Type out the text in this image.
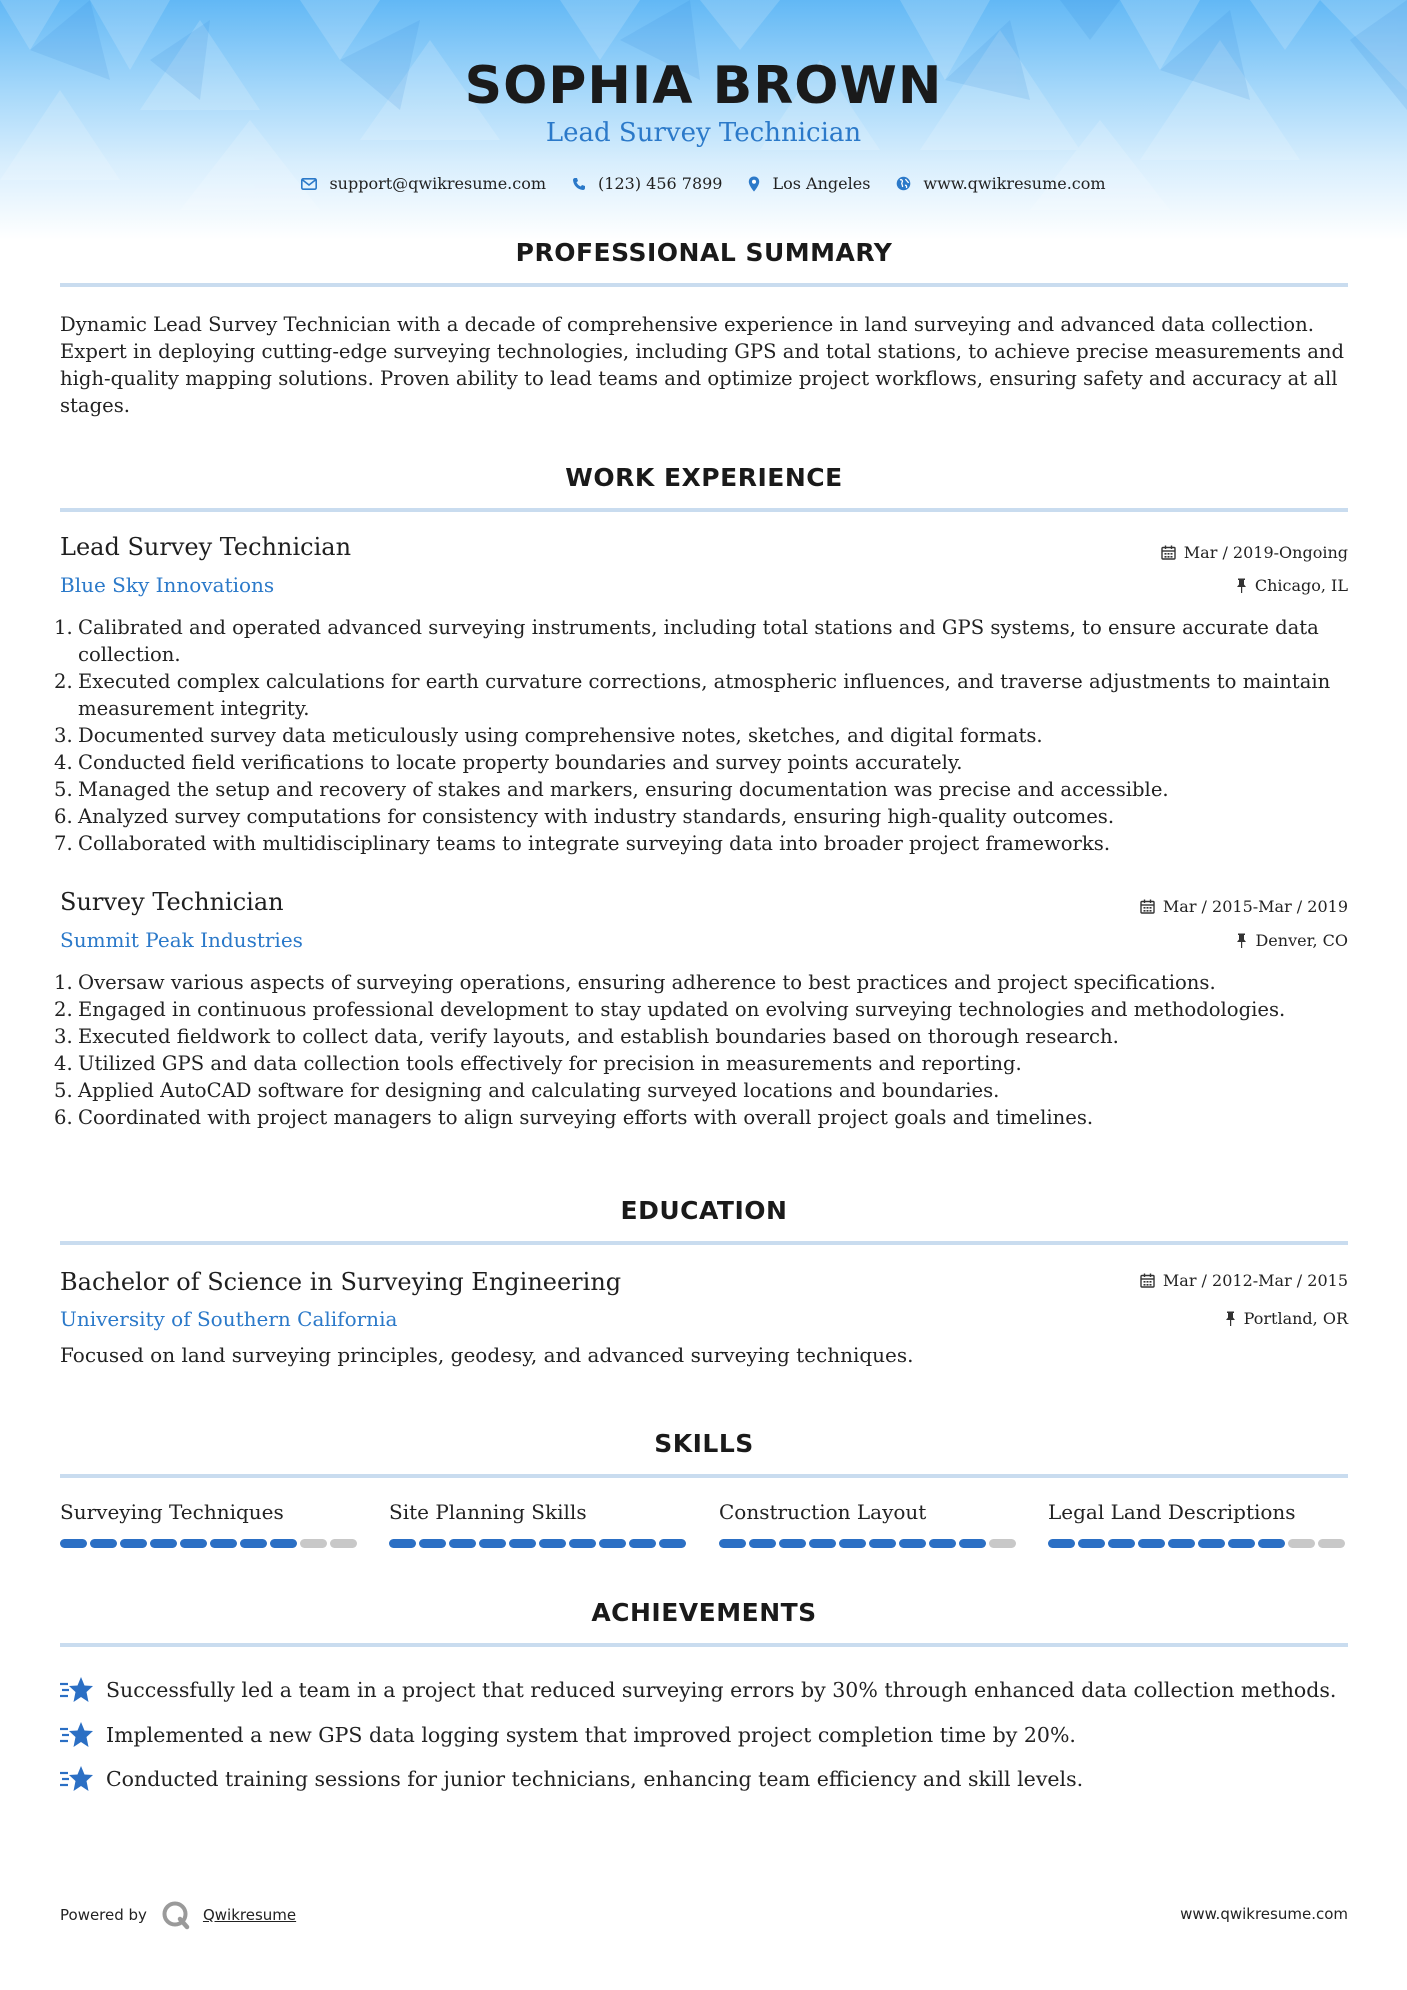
SOPHIA BROWN
Lead Survey Technician
support@qwikresume.com	(123) 456 7899	Los Angeles	www.qwikresume.com
PROFESSIONAL SUMMARY

Dynamic Lead Survey Technician with a decade of comprehensive experience in land surveying and advanced data collection. Expert in deploying cutting-edge surveying technologies, including GPS and total stations, to achieve precise measurements and high-quality mapping solutions. Proven ability to lead teams and optimize project workflows, ensuring safety and accuracy at all stages.

WORK EXPERIENCE
Lead Survey Technician	Mar / 2019-Ongoing
Blue Sky Innovations	Chicago, IL
1. Calibrated and operated advanced surveying instruments, including total stations and GPS systems, to ensure accurate data collection.
2. Executed complex calculations for earth curvature corrections, atmospheric influences, and traverse adjustments to maintain measurement integrity.
3. Documented survey data meticulously using comprehensive notes, sketches, and digital formats.
4. Conducted field verifications to locate property boundaries and survey points accurately.
5. Managed the setup and recovery of stakes and markers, ensuring documentation was precise and accessible.
6. Analyzed survey computations for consistency with industry standards, ensuring high-quality outcomes.
7. Collaborated with multidisciplinary teams to integrate surveying data into broader project frameworks.
Survey Technician	Mar / 2015-Mar / 2019
Summit Peak Industries	Denver, CO
1. Oversaw various aspects of surveying operations, ensuring adherence to best practices and project specifications.
2. Engaged in continuous professional development to stay updated on evolving surveying technologies and methodologies.
3. Executed fieldwork to collect data, verify layouts, and establish boundaries based on thorough research.
4. Utilized GPS and data collection tools effectively for precision in measurements and reporting.
5. Applied AutoCAD software for designing and calculating surveyed locations and boundaries.
6. Coordinated with project managers to align surveying efforts with overall project goals and timelines.
EDUCATION
Bachelor of Science in Surveying Engineering	Mar / 2012-Mar / 2015
University of Southern California	Portland, OR
Focused on land surveying principles, geodesy, and advanced surveying techniques.
SKILLS
Surveying Techniques	Site Planning Skills	Construction Layout	Legal Land Descriptions
ACHIEVEMENTS
Successfully led a team in a project that reduced surveying errors by 30% through enhanced data collection methods.
Implemented a new GPS data logging system that improved project completion time by 20%.
Conducted training sessions for junior technicians, enhancing team efficiency and skill levels.
Powered by	Qwikresume	www.qwikresume.com
